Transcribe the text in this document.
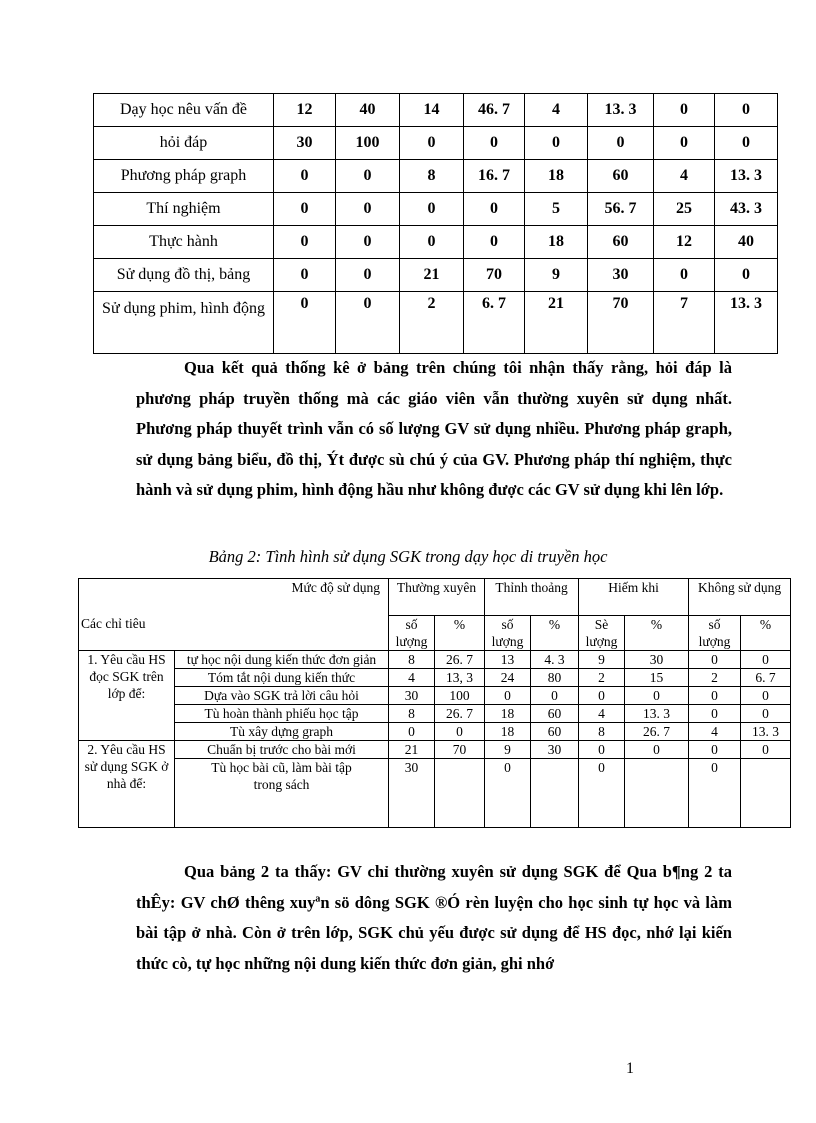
Dạy học nêu vấn đề	12	40	14	46. 7	4	13. 3	0	0
hỏi đáp	30	100	0	0	0	0	0	0
Phương pháp graph	0	0	8	16. 7	18	60	4	13. 3
Thí nghiệm	0	0	0	0	5	56. 7	25	43. 3
Thực hành	0	0	0	0	18	60	12	40
Sử dụng đồ thị, bảng	0	0	21	70	9	30	0	0
Sử dụng phim, hình động	0	0	2	6. 7	21	70	7	13. 3

Qua kết quả thống kê ở bảng trên chúng tôi nhận thấy rằng, hỏi đáp là phương pháp truyền thống mà các giáo viên vẫn thường xuyên sử dụng nhất. Phương pháp thuyết trình vẫn có số lượng GV sử dụng nhiều. Phương pháp graph, sử dụng bảng biểu, đồ thị, Ýt được sù chú ý của GV. Phương pháp thí nghiệm, thực hành và sử dụng phim, hình động hầu như không được các GV sử dụng khi lên lớp.

Bảng 2: Tình hình sử dụng SGK trong dạy học di truyền học

Mức độ sử dụng		Thường xuyên		Thỉnh thoảng		Hiếm khi		Không sử dụng	
Các chỉ tiêu		số lượng	%	số lượng	%	Sè lượng	%	số lượng	%
1. Yêu cầu HS đọc SGK trên lớp để:	tự học nội dung kiến thức đơn giản	8	26. 7	13	4. 3	9	30	0	0
	Tóm tắt nội dung kiến thức	4	13, 3	24	80	2	15	2	6. 7
	Dựa vào SGK trả lời câu hỏi	30	100	0	0	0	0	0	0
	Tù hoàn thành phiếu học tập	8	26. 7	18	60	4	13. 3	0	0
	Tù xây dựng graph	0	0	18	60	8	26. 7	4	13. 3
2. Yêu cầu HS sử dụng SGK ở nhà để:	Chuẩn bị trước cho bài mới	21	70	9	30	0	0	0	0
	Tù học bài cũ, làm bài tập trong sách	30		0		0		0	

Qua bảng 2 ta thấy: GV chỉ thường xuyên sử dụng SGK để Qua b¶ng 2 ta thÊy: GV chØ thêng xuyªn sö dông SGK ®Ó rèn luyện cho học sinh tự học và làm bài tập ở nhà. Còn ở trên lớp, SGK chủ yếu được sử dụng để HS đọc, nhớ lại kiến thức cò, tự học những nội dung kiến thức đơn giản, ghi nhớ

1
